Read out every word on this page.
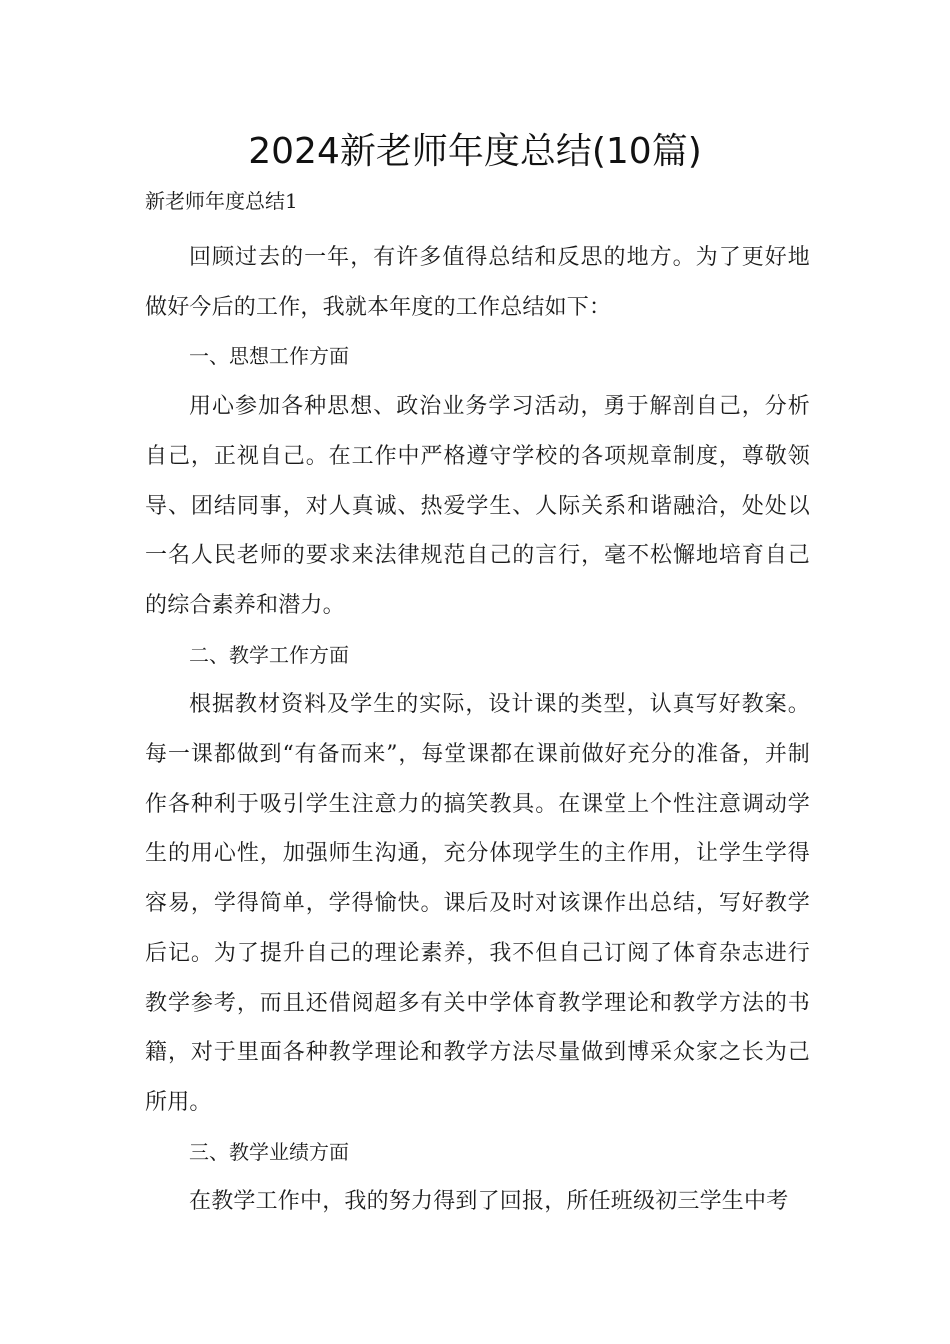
2024新老师年度总结(10篇)
新老师年度总结1

回顾过去的一年，有许多值得总结和反思的地方。为了更好地做好今后的工作，我就本年度的工作总结如下：

一、思想工作方面

用心参加各种思想、政治业务学习活动，勇于解剖自己，分析自己，正视自己。在工作中严格遵守学校的各项规章制度，尊敬领导、团结同事，对人真诚、热爱学生、人际关系和谐融洽，处处以一名人民老师的要求来法律规范自己的言行，毫不松懈地培育自己的综合素养和潜力。

二、教学工作方面

根据教材资料及学生的实际，设计课的类型，认真写好教案。每一课都做到“有备而来”，每堂课都在课前做好充分的准备，并制作各种利于吸引学生注意力的搞笑教具。在课堂上个性注意调动学生的用心性，加强师生沟通，充分体现学生的主作用，让学生学得容易，学得简单，学得愉快。课后及时对该课作出总结，写好教学后记。为了提升自己的理论素养，我不但自己订阅了体育杂志进行教学参考，而且还借阅超多有关中学体育教学理论和教学方法的书籍，对于里面各种教学理论和教学方法尽量做到博采众家之长为己所用。

三、教学业绩方面

在教学工作中，我的努力得到了回报，所任班级初三学生中考
